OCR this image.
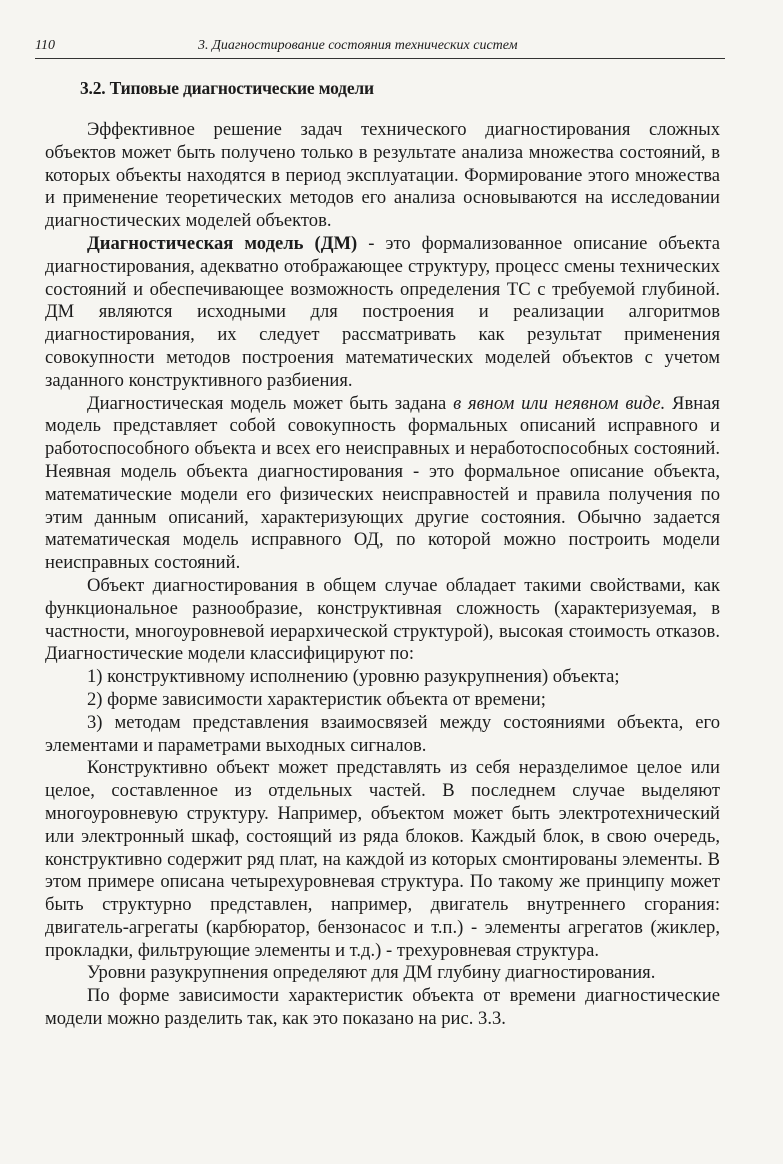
110	3. Диагностирование состояния технических систем
3.2. Типовые диагностические модели

Эффективное решение задач технического диагностирования сложных объектов может быть получено только в результате анализа множества состояний, в которых объекты находятся в период эксплуатации. Формирование этого множества и применение теоретических методов его анализа основываются на исследовании диагностических моделей объектов.

Диагностическая модель (ДМ) - это формализованное описание объекта диагностирования, адекватно отображающее структуру, процесс смены технических состояний и обеспечивающее возможность определения ТС с требуемой глубиной. ДМ являются исходными для построения и реализации алгоритмов диагностирования, их следует рассматривать как результат применения совокупности методов построения математических моделей объектов с учетом заданного конструктивного разбиения.

Диагностическая модель может быть задана в явном или неявном виде. Явная модель представляет собой совокупность формальных описаний исправного и работоспособного объекта и всех его неисправных и неработоспособных состояний. Неявная модель объекта диагностирования - это формальное описание объекта, математические модели его физических неисправностей и правила получения по этим данным описаний, характеризующих другие состояния. Обычно задается математическая модель исправного ОД, по которой можно построить модели неисправных состояний.

Объект диагностирования в общем случае обладает такими свойствами, как функциональное разнообразие, конструктивная сложность (характеризуемая, в частности, многоуровневой иерархической структурой), высокая стоимость отказов. Диагностические модели классифицируют по:

1) конструктивному исполнению (уровню разукрупнения) объекта;

2) форме зависимости характеристик объекта от времени;

3) методам представления взаимосвязей между состояниями объекта, его элементами и параметрами выходных сигналов.

Конструктивно объект может представлять из себя неразделимое целое или целое, составленное из отдельных частей. В последнем случае выделяют многоуровневую структуру. Например, объектом может быть электротехнический или электронный шкаф, состоящий из ряда блоков. Каждый блок, в свою очередь, конструктивно содержит ряд плат, на каждой из которых смонтированы элементы. В этом примере описана четырехуровневая структура. По такому же принципу может быть структурно представлен, например, двигатель внутреннего сгорания: двигатель-агрегаты (карбюратор, бензонасос и т.п.) - элементы агрегатов (жиклер, прокладки, фильтрующие элементы и т.д.) - трехуровневая структура.

Уровни разукрупнения определяют для ДМ глубину диагностирования.

По форме зависимости характеристик объекта от времени диагностические модели можно разделить так, как это показано на рис. 3.3.
